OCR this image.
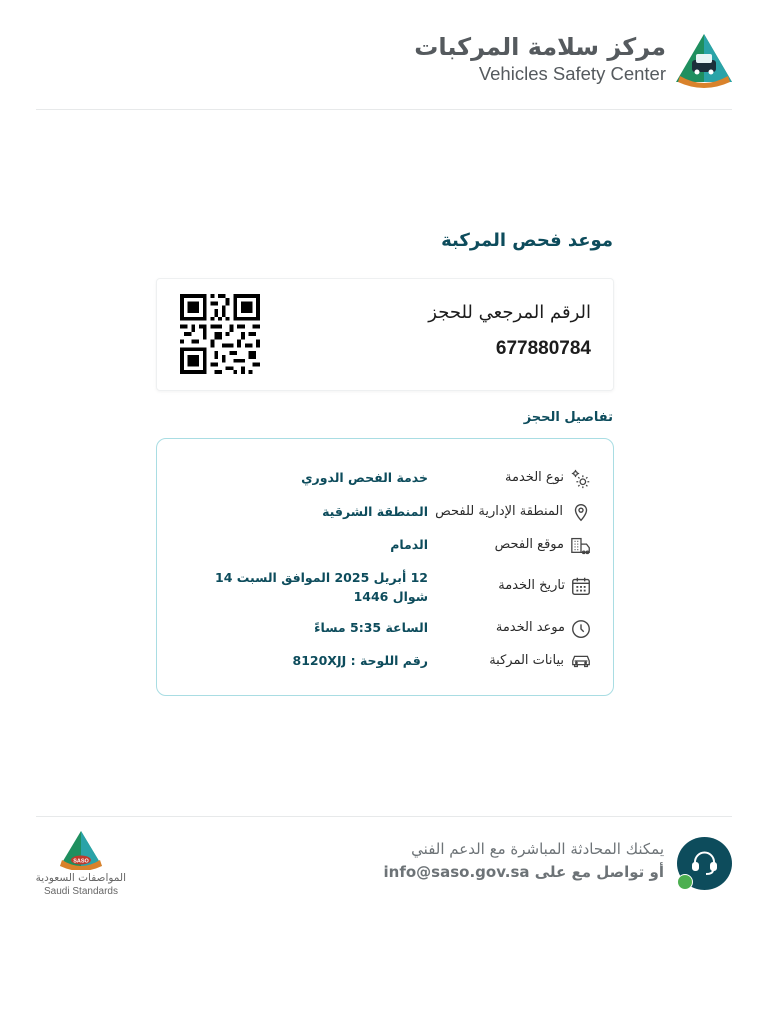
مركز سلامة المركبات
Vehicles Safety Center
موعد فحص المركبة
الرقم المرجعي للحجز
677880784
تفاصيل الحجز
نوع الخدمة
خدمة الفحص الدوري
المنطقة الإدارية للفحص
المنطقة الشرقية
موقع الفحص
الدمام
تاريخ الخدمة
12 أبريل 2025 الموافق السبت 14 شوال 1446
موعد الخدمة
الساعة 5:35 مساءً
بيانات المركبة
رقم اللوحة : 8120XJJ
يمكنك المحادثة المباشرة مع الدعم الفني
أو تواصل مع على info@saso.gov.sa
SASO
المواصفات السعودية
Saudi Standards
